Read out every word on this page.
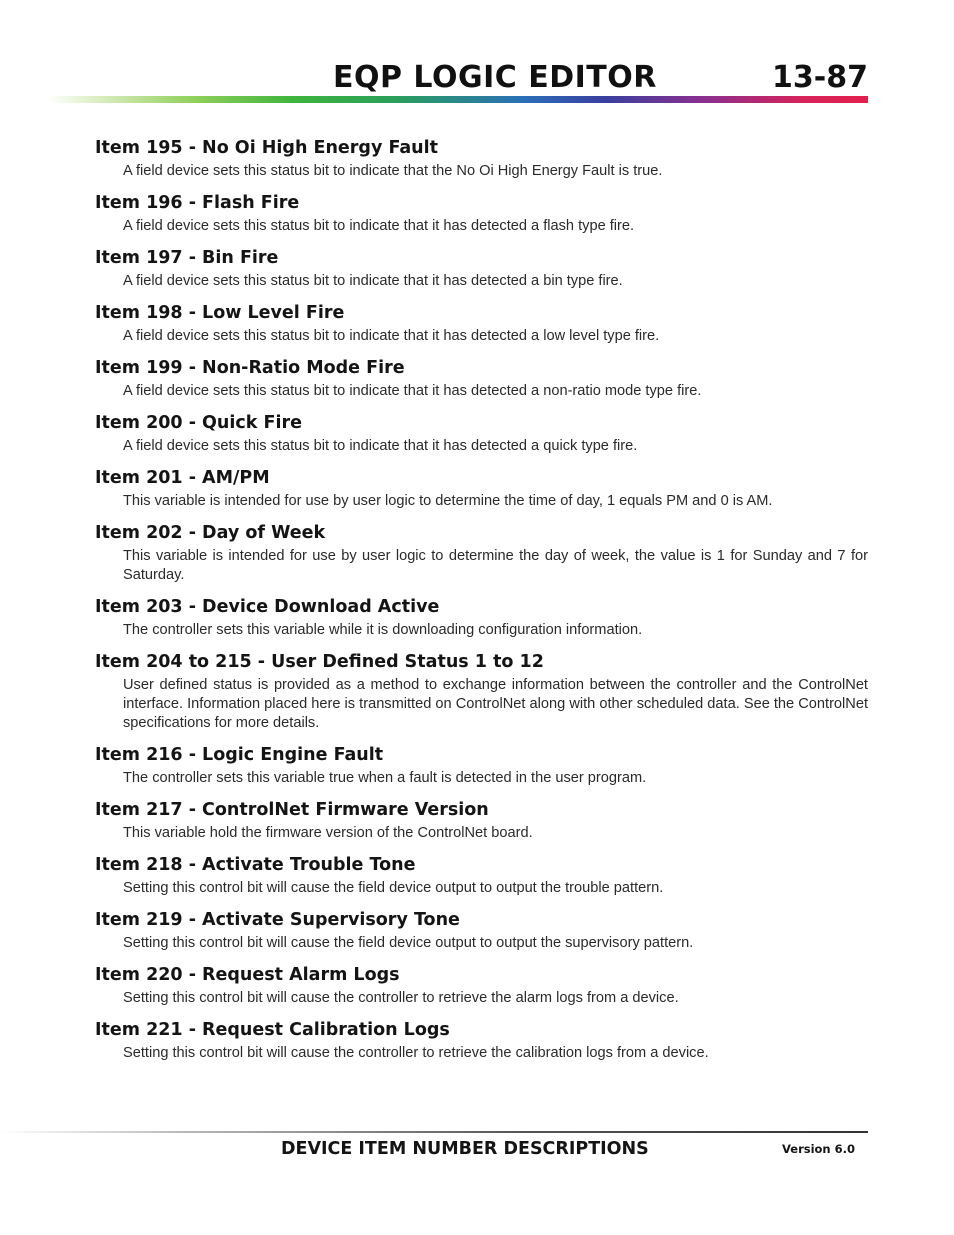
EQP LOGIC EDITOR	13-87
Item 195 - No Oi High Energy Fault

A field device sets this status bit to indicate that the No Oi High Energy Fault is true.

Item 196 - Flash Fire

A field device sets this status bit to indicate that it has detected a flash type fire.

Item 197 - Bin Fire

A field device sets this status bit to indicate that it has detected a bin type fire.

Item 198 - Low Level Fire

A field device sets this status bit to indicate that it has detected a low level type fire.

Item 199 - Non-Ratio Mode Fire

A field device sets this status bit to indicate that it has detected a non-ratio mode type fire.

Item 200 - Quick Fire

A field device sets this status bit to indicate that it has detected a quick type fire.

Item 201 - AM/PM

This variable is intended for use by user logic to determine the time of day, 1 equals PM and 0 is AM.

Item 202 - Day of Week

This variable is intended for use by user logic to determine the day of week, the value is 1 for Sunday and 7 for Saturday.

Item 203 - Device Download Active

The controller sets this variable while it is downloading configuration information.

Item 204 to 215 - User Defined Status 1 to 12

User defined status is provided as a method to exchange information between the controller and the ControlNet interface. Information placed here is transmitted on ControlNet along with other scheduled data. See the ControlNet specifications for more details.

Item 216 - Logic Engine Fault

The controller sets this variable true when a fault is detected in the user program.

Item 217 - ControlNet Firmware Version

This variable hold the firmware version of the ControlNet board.

Item 218 - Activate Trouble Tone

Setting this control bit will cause the field device output to output the trouble pattern.

Item 219 - Activate Supervisory Tone

Setting this control bit will cause the field device output to output the supervisory pattern.

Item 220 - Request Alarm Logs

Setting this control bit will cause the controller to retrieve the alarm logs from a device.

Item 221 - Request Calibration Logs

Setting this control bit will cause the controller to retrieve the calibration logs from a device.

DEVICE ITEM NUMBER DESCRIPTIONS	Version 6.0
